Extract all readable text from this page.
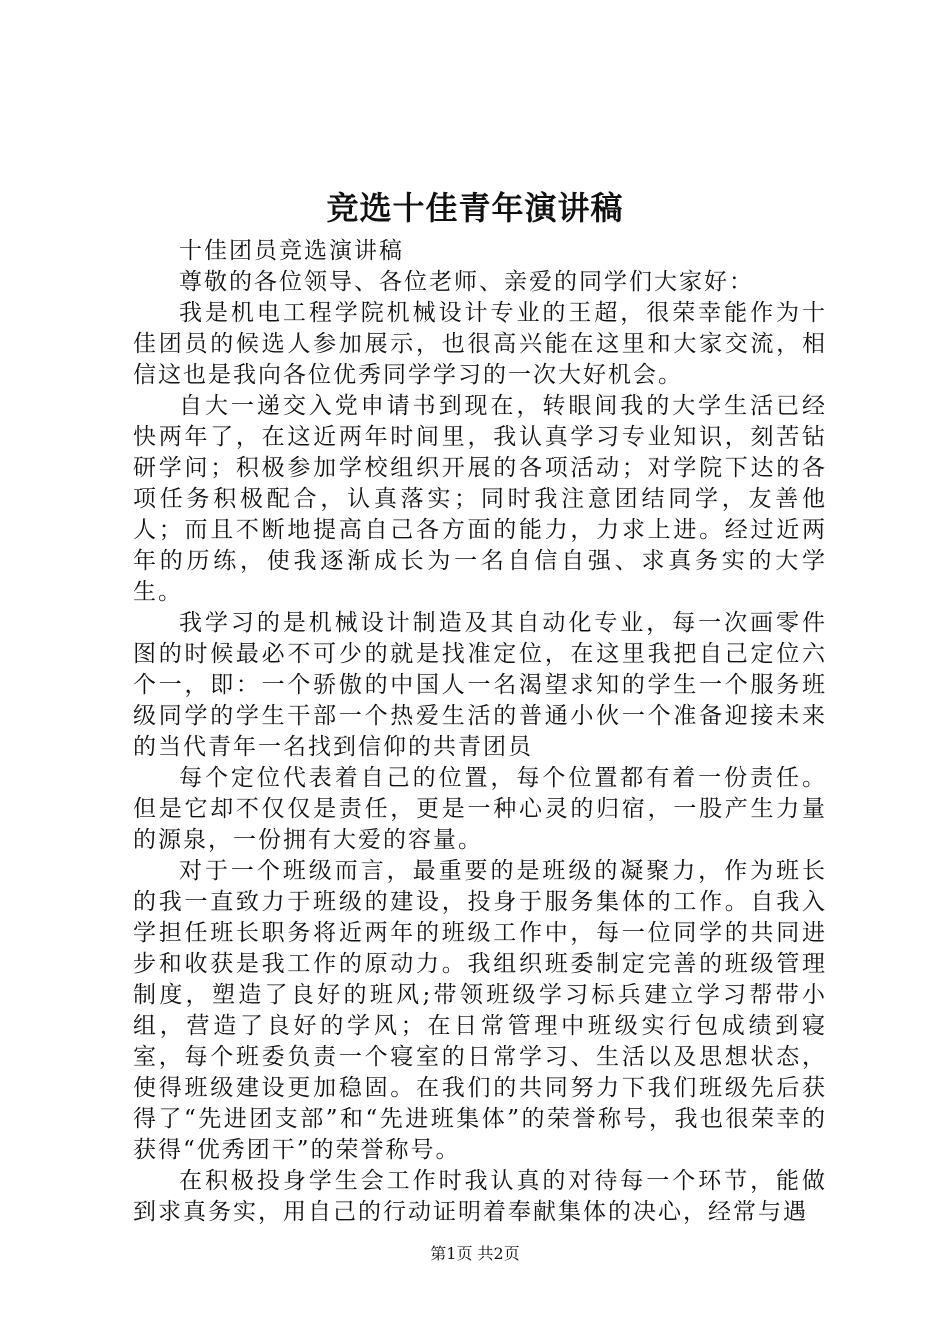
竞选十佳青年演讲稿

十佳团员竞选演讲稿

尊敬的各位领导、各位老师、亲爱的同学们大家好：

我是机电工程学院机械设计专业的王超，很荣幸能作为十佳团员的候选人参加展示，也很高兴能在这里和大家交流，相信这也是我向各位优秀同学学习的一次大好机会。

自大一递交入党申请书到现在，转眼间我的大学生活已经快两年了，在这近两年时间里，我认真学习专业知识，刻苦钻研学问；积极参加学校组织开展的各项活动；对学院下达的各项任务积极配合，认真落实；同时我注意团结同学，友善他人；而且不断地提高自己各方面的能力，力求上进。经过近两年的历练，使我逐渐成长为一名自信自强、求真务实的大学生。

我学习的是机械设计制造及其自动化专业，每一次画零件图的时候最必不可少的就是找准定位，在这里我把自己定位六个一，即：一个骄傲的中国人一名渴望求知的学生一个服务班级同学的学生干部一个热爱生活的普通小伙一个准备迎接未来的当代青年一名找到信仰的共青团员

每个定位代表着自己的位置，每个位置都有着一份责任。但是它却不仅仅是责任，更是一种心灵的归宿，一股产生力量的源泉，一份拥有大爱的容量。

对于一个班级而言，最重要的是班级的凝聚力，作为班长的我一直致力于班级的建设，投身于服务集体的工作。自我入学担任班长职务将近两年的班级工作中，每一位同学的共同进步和收获是我工作的原动力。我组织班委制定完善的班级管理制度，塑造了良好的班风;带领班级学习标兵建立学习帮带小组，营造了良好的学风；在日常管理中班级实行包成绩到寝室，每个班委负责一个寝室的日常学习、生活以及思想状态，使得班级建设更加稳固。在我们的共同努力下我们班级先后获得了“先进团支部”和“先进班集体”的荣誉称号，我也很荣幸的获得“优秀团干”的荣誉称号。

在积极投身学生会工作时我认真的对待每一个环节，能做到求真务实，用自己的行动证明着奉献集体的决心，经常与遇

第1页 共2页
